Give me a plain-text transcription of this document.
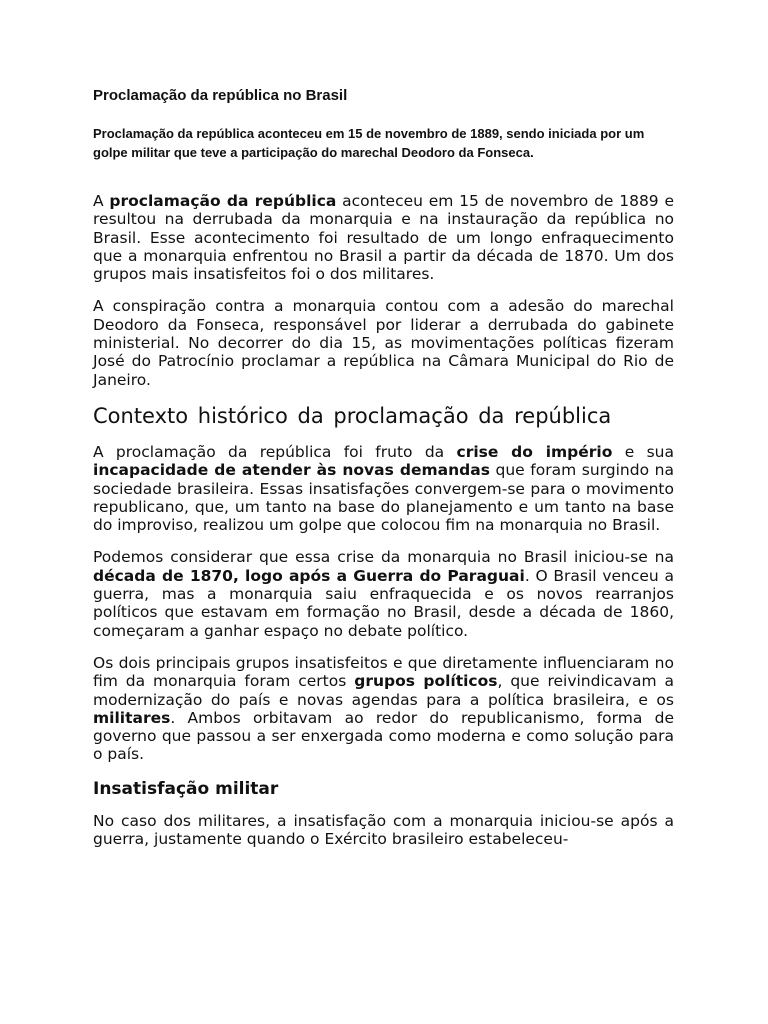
Proclamação da república no Brasil
Proclamação da república aconteceu em 15 de novembro de 1889, sendo iniciada por um golpe militar que teve a participação do marechal Deodoro da Fonseca.

A proclamação da república aconteceu em 15 de novembro de 1889 e resultou na derrubada da monarquia e na instauração da república no Brasil. Esse acontecimento foi resultado de um longo enfraquecimento que a monarquia enfrentou no Brasil a partir da década de 1870. Um dos grupos mais insatisfeitos foi o dos militares.

A conspiração contra a monarquia contou com a adesão do marechal Deodoro da Fonseca, responsável por liderar a derrubada do gabinete ministerial. No decorrer do dia 15, as movimentações políticas fizeram José do Patrocínio proclamar a república na Câmara Municipal do Rio de Janeiro.

Contexto histórico da proclamação da república

A proclamação da república foi fruto da crise do império e sua incapacidade de atender às novas demandas que foram surgindo na sociedade brasileira. Essas insatisfações convergem-se para o movimento republicano, que, um tanto na base do planejamento e um tanto na base do improviso, realizou um golpe que colocou fim na monarquia no Brasil.

Podemos considerar que essa crise da monarquia no Brasil iniciou-se na década de 1870, logo após a Guerra do Paraguai. O Brasil venceu a guerra, mas a monarquia saiu enfraquecida e os novos rearranjos políticos que estavam em formação no Brasil, desde a década de 1860, começaram a ganhar espaço no debate político.

Os dois principais grupos insatisfeitos e que diretamente influenciaram no fim da monarquia foram certos grupos políticos, que reivindicavam a modernização do país e novas agendas para a política brasileira, e os militares. Ambos orbitavam ao redor do republicanismo, forma de governo que passou a ser enxergada como moderna e como solução para o país.

Insatisfação militar

No caso dos militares, a insatisfação com a monarquia iniciou-se após a guerra, justamente quando o Exército brasileiro estabeleceu-
